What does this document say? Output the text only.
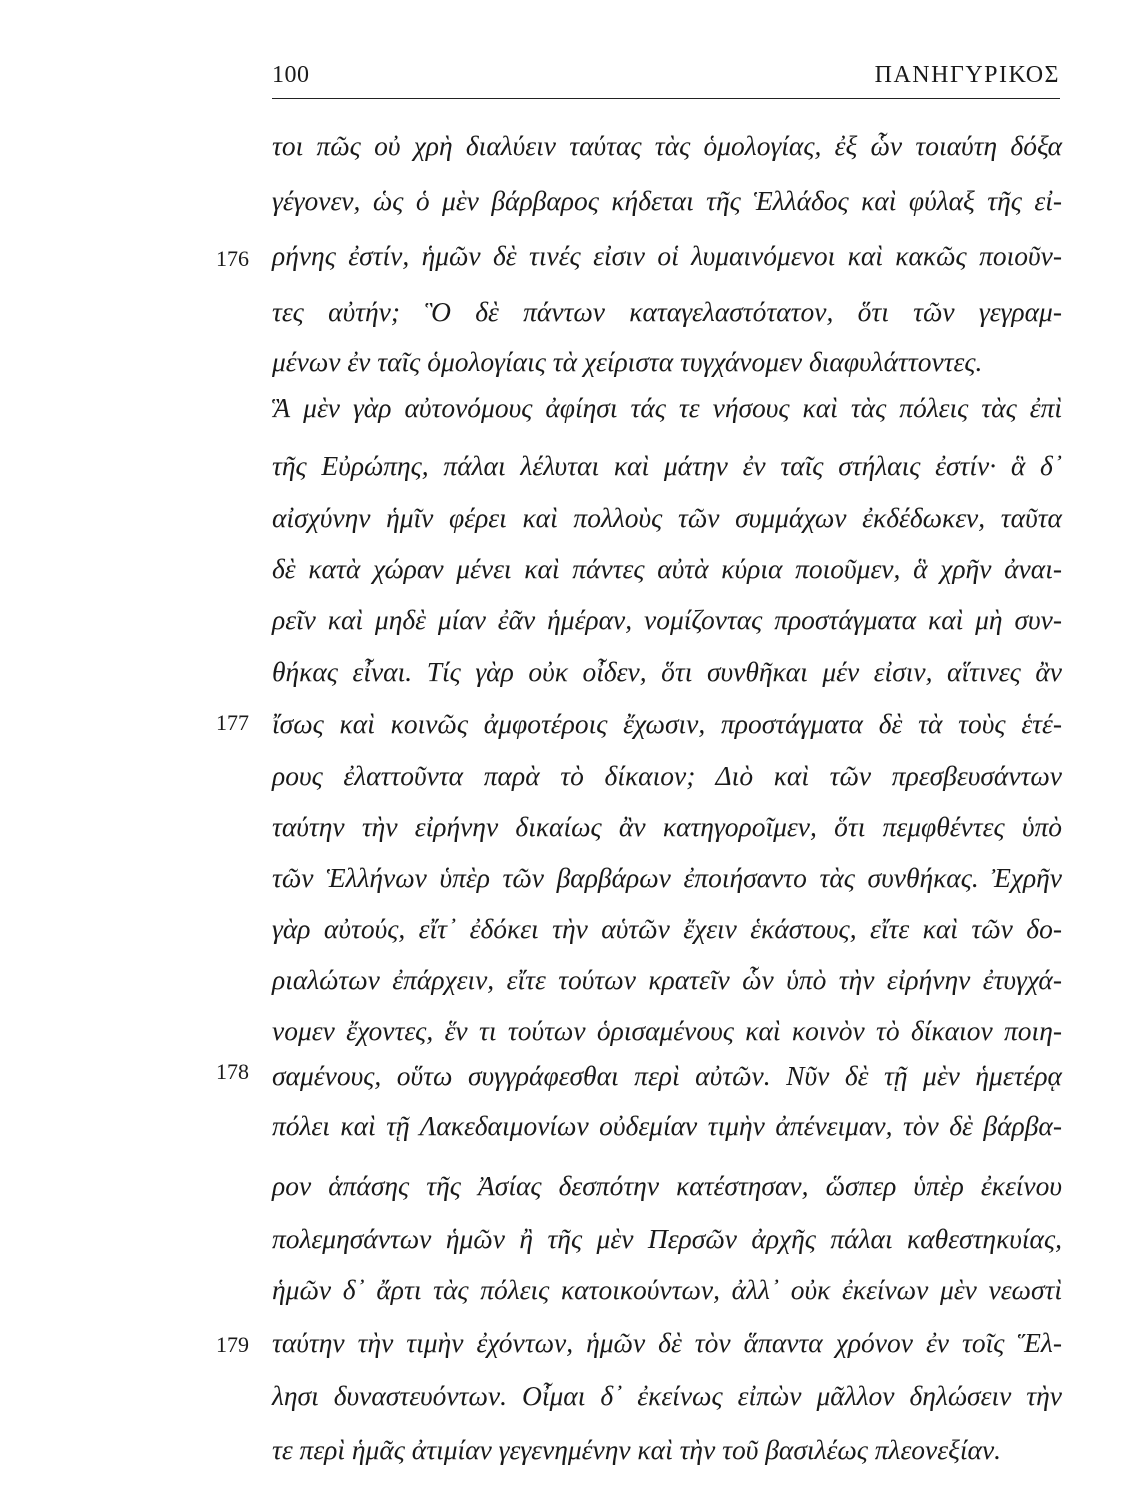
100	ΠΑΝΗΓΥΡΙΚΟΣ
176
177
178
179
τοι πῶς οὐ χρὴ διαλύειν ταύτας τὰς ὁμολογίας, ἐξ ὧν τοιαύτη δόξα
γέγονεν, ὡς ὁ μὲν βάρβαρος κήδεται τῆς Ἑλλάδος καὶ φύλαξ τῆς εἰ-
ρήνης ἐστίν, ἡμῶν δὲ τινές εἰσιν οἱ λυμαινόμενοι καὶ κακῶς ποιοῦν-
τες αὐτήν; Ὃ δὲ πάντων καταγελαστότατον, ὅτι τῶν γεγραμ-
μένων ἐν ταῖς ὁμολογίαις τὰ χείριστα τυγχάνομεν διαφυλάττοντες.
Ἃ μὲν γὰρ αὐτονόμους ἀφίησι τάς τε νήσους καὶ τὰς πόλεις τὰς ἐπὶ
τῆς Εὐρώπης, πάλαι λέλυται καὶ μάτην ἐν ταῖς στήλαις ἐστίν· ἃ δ᾽
αἰσχύνην ἡμῖν φέρει καὶ πολλοὺς τῶν συμμάχων ἐκδέδωκεν, ταῦτα
δὲ κατὰ χώραν μένει καὶ πάντες αὐτὰ κύρια ποιοῦμεν, ἃ χρῆν ἀναι-
ρεῖν καὶ μηδὲ μίαν ἐᾶν ἡμέραν, νομίζοντας προστάγματα καὶ μὴ συν-
θήκας εἶναι. Τίς γὰρ οὐκ οἶδεν, ὅτι συνθῆκαι μέν εἰσιν, αἵτινες ἂν
ἴσως καὶ κοινῶς ἀμφοτέροις ἔχωσιν, προστάγματα δὲ τὰ τοὺς ἑτέ-
ρους ἐλαττοῦντα παρὰ τὸ δίκαιον; Διὸ καὶ τῶν πρεσβευσάντων
ταύτην τὴν εἰρήνην δικαίως ἂν κατηγοροῖμεν, ὅτι πεμφθέντες ὑπὸ
τῶν Ἑλλήνων ὑπὲρ τῶν βαρβάρων ἐποιήσαντο τὰς συνθήκας. Ἐχρῆν
γὰρ αὐτούς, εἴτ᾽ ἐδόκει τὴν αὑτῶν ἔχειν ἑκάστους, εἴτε καὶ τῶν δο-
ριαλώτων ἐπάρχειν, εἴτε τούτων κρατεῖν ὧν ὑπὸ τὴν εἰρήνην ἐτυγχά-
νομεν ἔχοντες, ἕν τι τούτων ὁρισαμένους καὶ κοινὸν τὸ δίκαιον ποιη-
σαμένους, οὕτω συγγράφεσθαι περὶ αὐτῶν. Νῦν δὲ τῇ μὲν ἡμετέρᾳ
πόλει καὶ τῇ Λακεδαιμονίων οὐδεμίαν τιμὴν ἀπένειμαν, τὸν δὲ βάρβα-
ρον ἁπάσης τῆς Ἀσίας δεσπότην κατέστησαν, ὥσπερ ὑπὲρ ἐκείνου
πολεμησάντων ἡμῶν ἢ τῆς μὲν Περσῶν ἀρχῆς πάλαι καθεστηκυίας,
ἡμῶν δ᾽ ἄρτι τὰς πόλεις κατοικούντων, ἀλλ᾽ οὐκ ἐκείνων μὲν νεωστὶ
ταύτην τὴν τιμὴν ἐχόντων, ἡμῶν δὲ τὸν ἅπαντα χρόνον ἐν τοῖς Ἕλ-
λησι δυναστευόντων. Οἶμαι δ᾽ ἐκείνως εἰπὼν μᾶλλον δηλώσειν τὴν
τε περὶ ἡμᾶς ἀτιμίαν γεγενημένην καὶ τὴν τοῦ βασιλέως πλεονεξίαν.
